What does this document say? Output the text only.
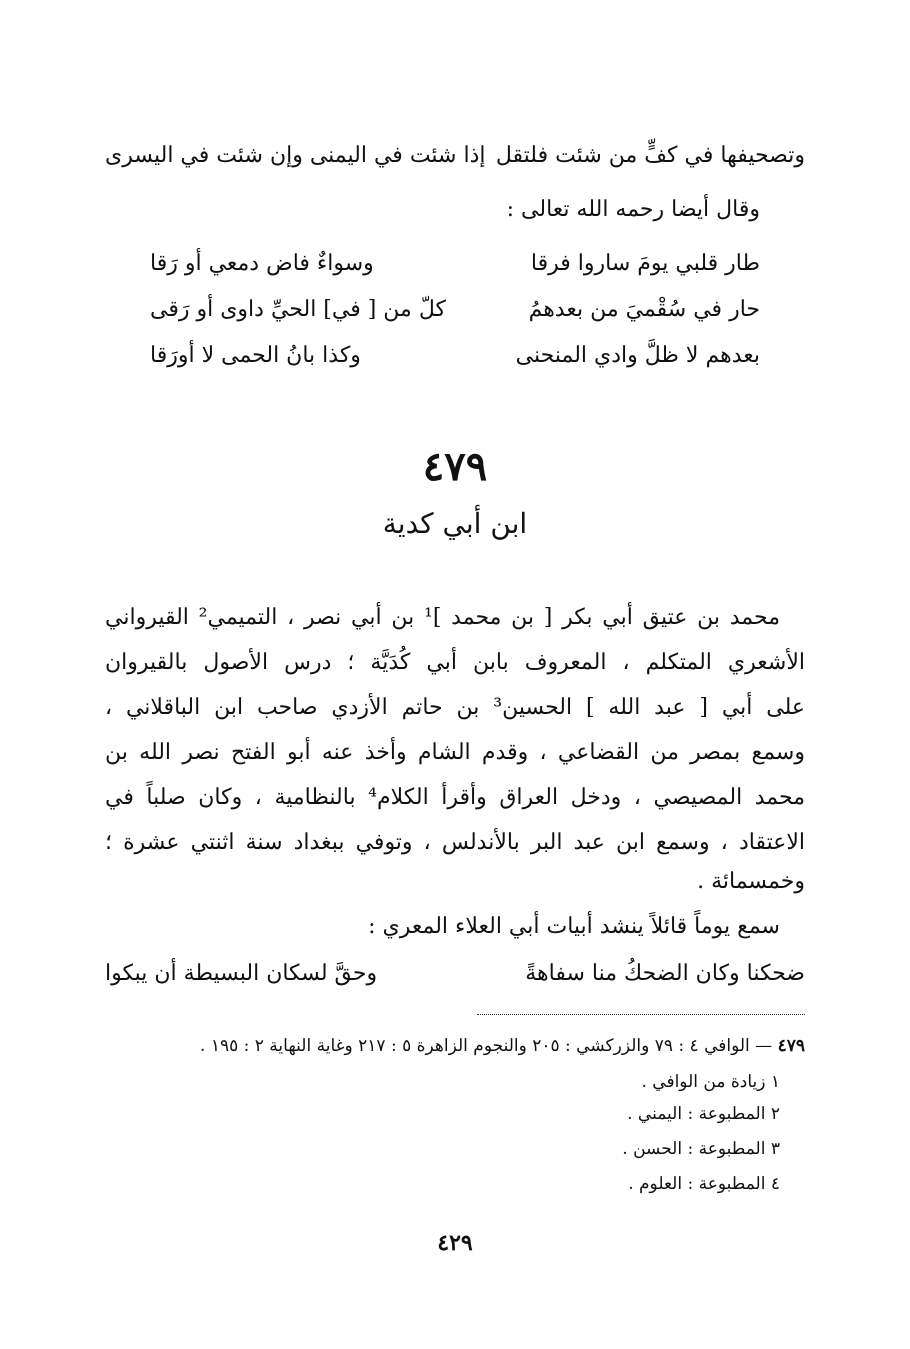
وتصحيفها في كفٍّ من شئت فلتقل
إذا شئت في اليمنى وإن شئت في اليسرى
وقال أيضا رحمه الله تعالى :
طار قلبي يومَ ساروا فرقا
وسواءٌ فاض دمعي أو رَقا
حار في سُقْميَ من بعدهمُ
كلّ من [ في] الحيِّ داوى أو رَقى
بعدهم لا ظلَّ وادي المنحنى
وكذا بانُ الحمى لا أورَقا
٤٧٩
ابن أبي كدية
محمد بن عتيق أبي بكر [ بن محمد ]¹ بن أبي نصر ، التميمي² القيرواني
الأشعري المتكلم ، المعروف بابن أبي كُدَيَّة ؛ درس الأصول بالقيروان
على أبي [ عبد الله ] الحسين³ بن حاتم الأزدي صاحب ابن الباقلاني ،
وسمع بمصر من القضاعي ، وقدم الشام وأخذ عنه أبو الفتح نصر الله بن
محمد المصيصي ، ودخل العراق وأقرأ الكلام⁴ بالنظامية ، وكان صلباً في
الاعتقاد ، وسمع ابن عبد البر بالأندلس ، وتوفي ببغداد سنة اثنتي عشرة ؛
وخمسمائة .
سمع يوماً قائلاً ينشد أبيات أبي العلاء المعري :
ضحكنا وكان الضحكُ منا سفاهةً
وحقَّ لسكان البسيطة أن يبكوا
٤٧٩ — الوافي ٤ : ٧٩ والزركشي : ٢٠٥ والنجوم الزاهرة ٥ : ٢١٧ وغاية النهاية ٢ : ١٩٥ .
١ زيادة من الوافي .
٢ المطبوعة : اليمني .
٣ المطبوعة : الحسن .
٤ المطبوعة : العلوم .
٤٢٩
